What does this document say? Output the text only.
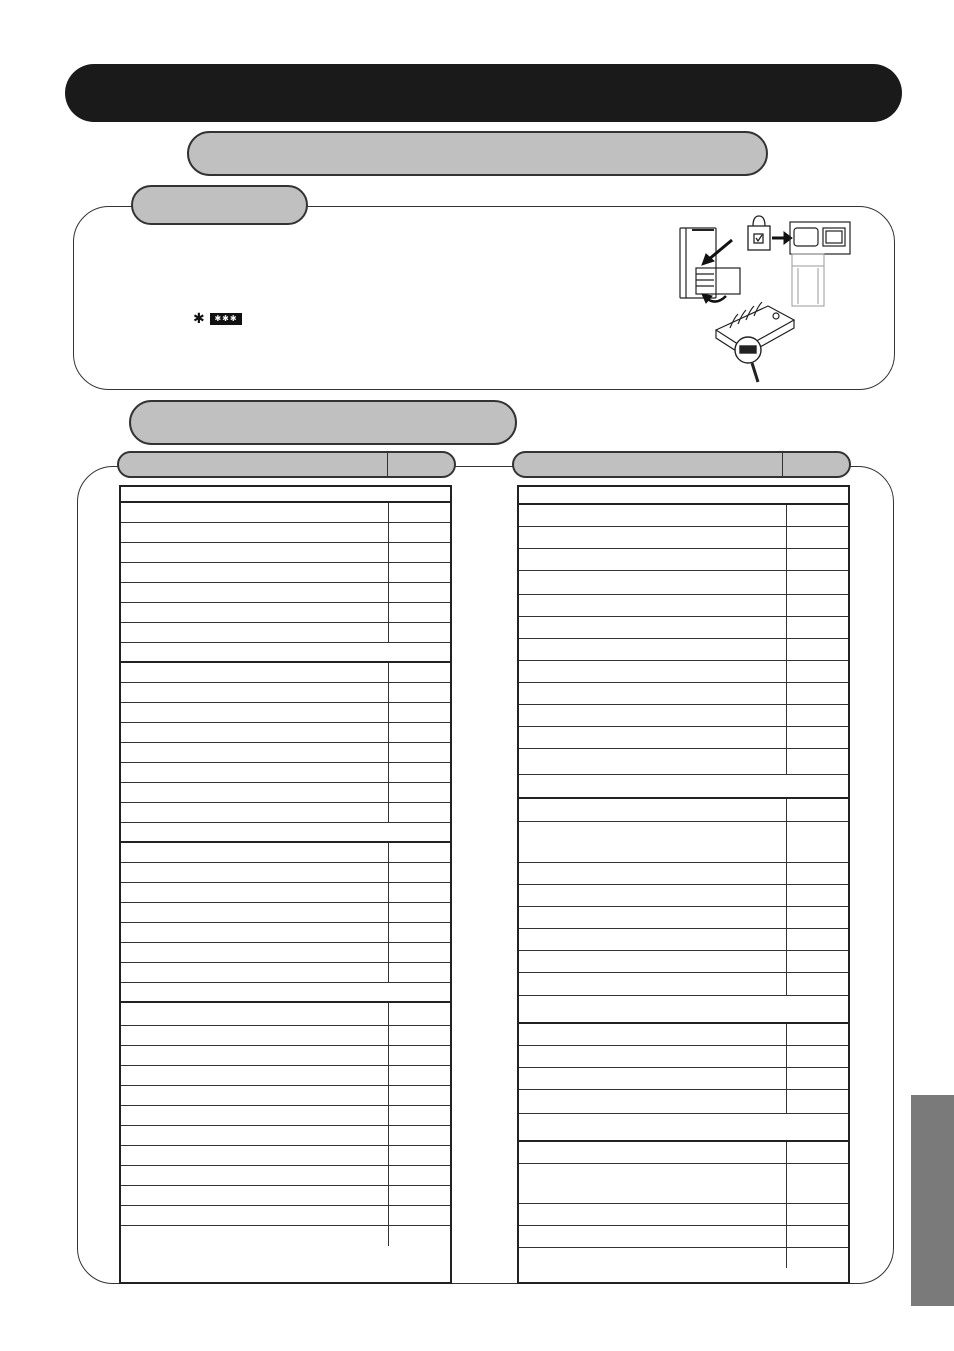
✱	✱✱✱
